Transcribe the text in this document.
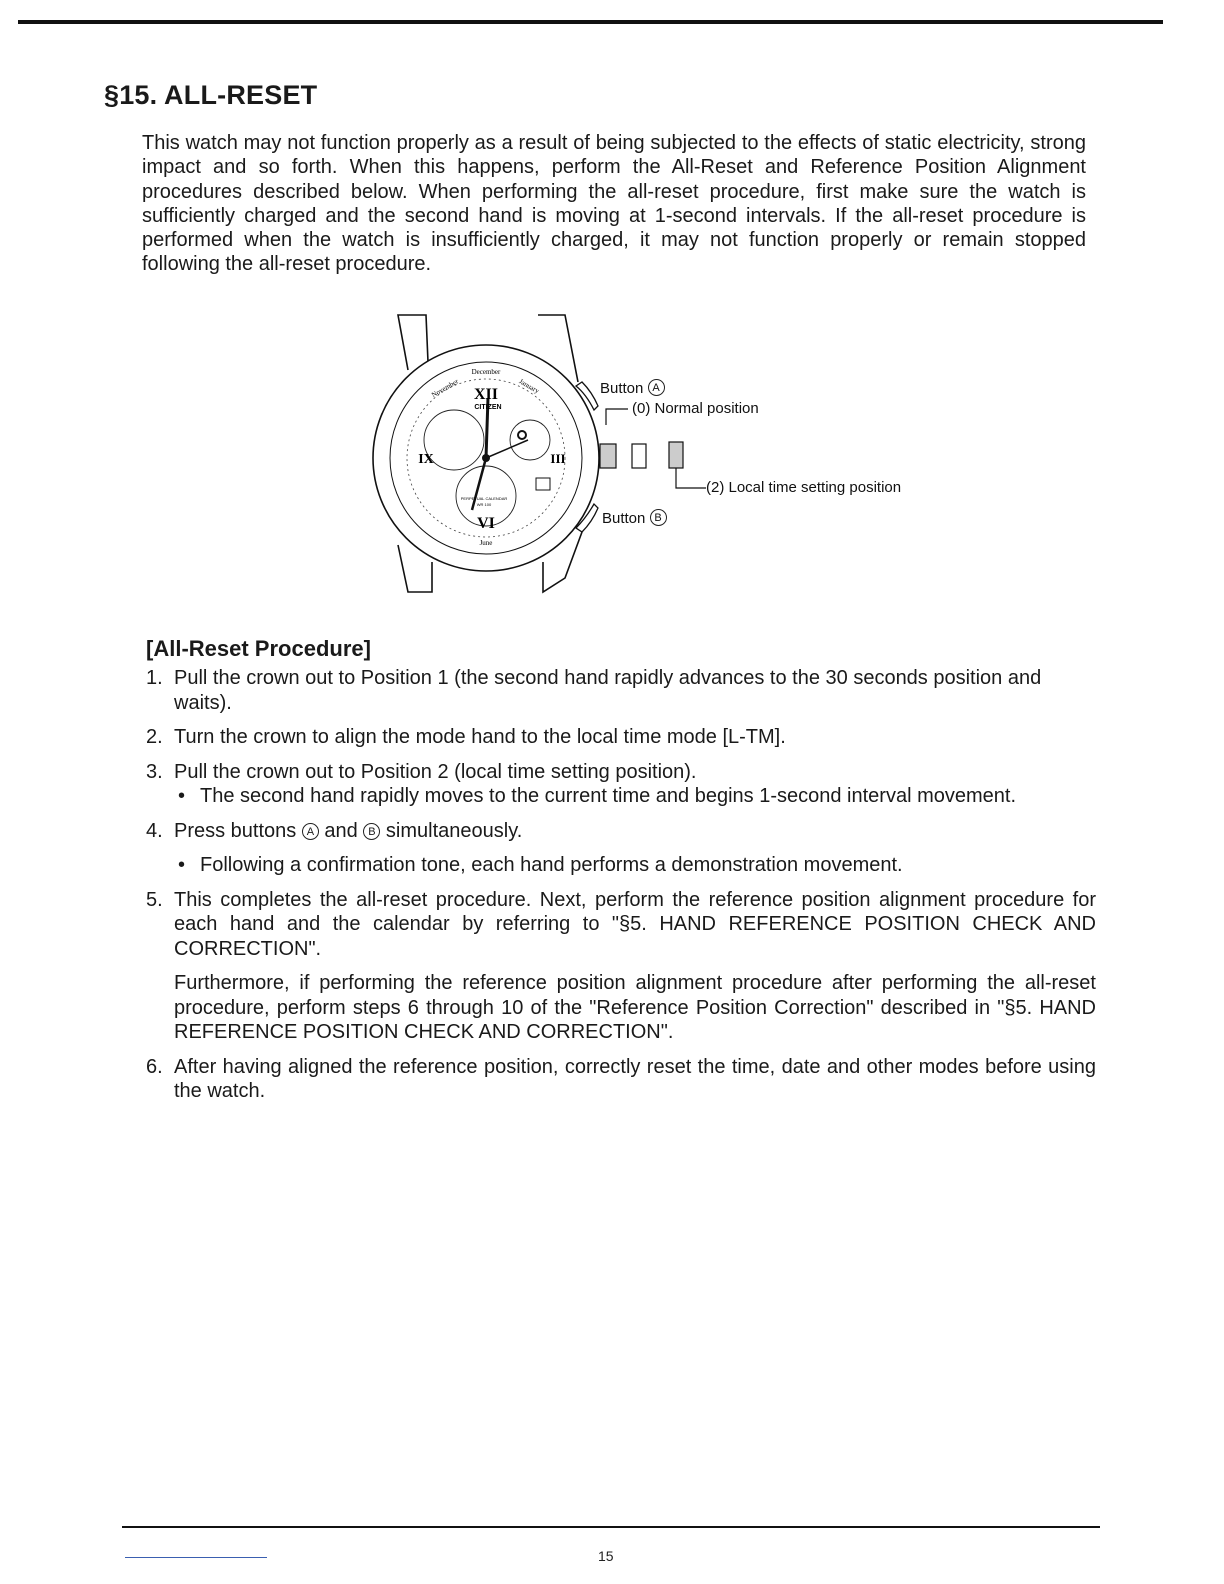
§15. ALL-RESET

This watch may not function properly as a result of being subjected to the effects of static electricity, strong impact and so forth. When this happens, perform the All-Reset and Reference Position Alignment procedures described below. When performing the all-reset procedure, first make sure the watch is sufficiently charged and the second hand is moving at 1-second intervals. If the all-reset procedure is performed when the watch is insufficiently charged, it may not function properly or remain stopped following the all-reset procedure.

December
November	January
June
XII
VI
IX	III
CITIZEN
PERPETUAL CALENDAR
WR 100
Button A
(0) Normal position
(2) Local time setting position
Button B
[All-Reset Procedure]
1. Pull the crown out to Position 1 (the second hand rapidly advances to the 30 seconds position and waits).

2. Turn the crown to align the mode hand to the local time mode [L-TM].

3. Pull the crown out to Position 2 (local time setting position).

• The second hand rapidly moves to the current time and begins 1-second interval movement.

4. Press buttons A and B simultaneously.

• Following a confirmation tone, each hand performs a demonstration movement.

5. This completes the all-reset procedure. Next, perform the reference position alignment procedure for each hand and the calendar by referring to "§5. HAND REFERENCE POSITION CHECK AND CORRECTION".

Furthermore, if performing the reference position alignment procedure after performing the all-reset procedure, perform steps 6 through 10 of the "Reference Position Correction" described in "§5. HAND REFERENCE POSITION CHECK AND CORRECTION".

6. After having aligned the reference position, correctly reset the time, date and other modes before using the watch.

15
